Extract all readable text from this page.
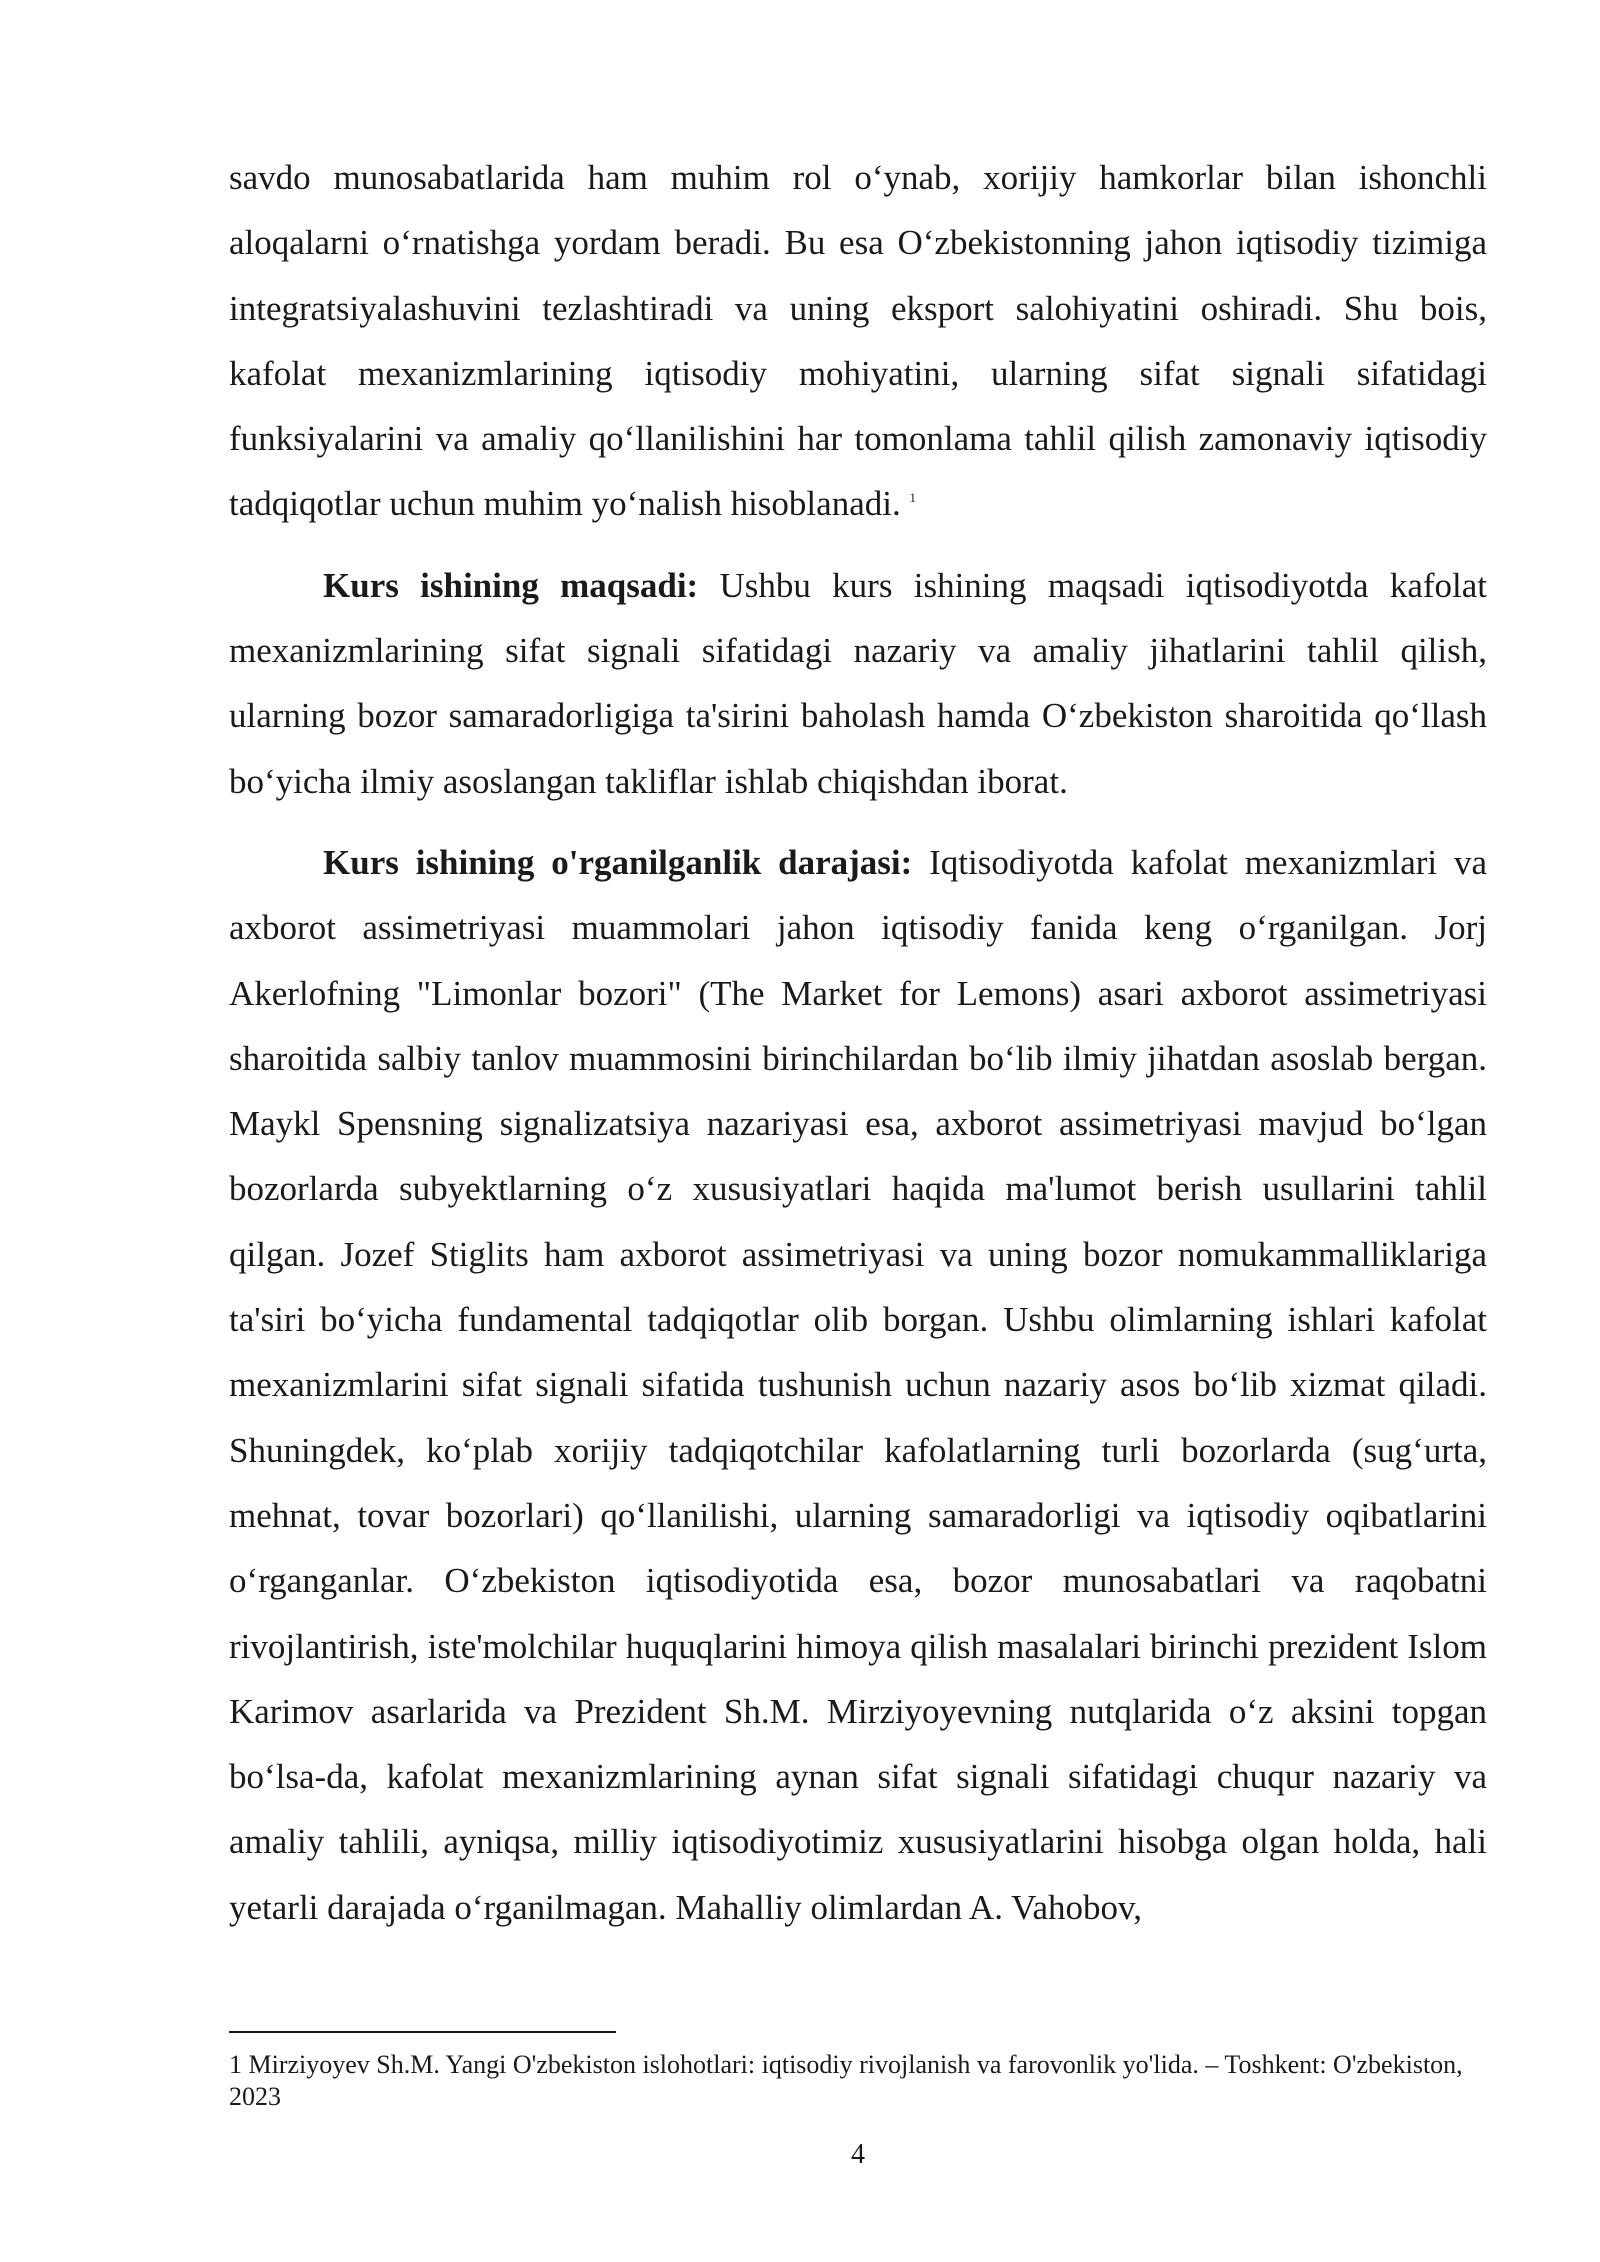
savdo munosabatlarida ham muhim rol o‘ynab, xorijiy hamkorlar bilan ishonchli aloqalarni o‘rnatishga yordam beradi. Bu esa O‘zbekistonning jahon iqtisodiy tizimiga integratsiyalashuvini tezlashtiradi va uning eksport salohiyatini oshiradi. Shu bois, kafolat mexanizmlarining iqtisodiy mohiyatini, ularning sifat signali sifatidagi funksiyalarini va amaliy qo‘llanilishini har tomonlama tahlil qilish zamonaviy iqtisodiy tadqiqotlar uchun muhim yo‘nalish hisoblanadi. $^1$

Kurs ishining maqsadi: Ushbu kurs ishining maqsadi iqtisodiyotda kafolat mexanizmlarining sifat signali sifatidagi nazariy va amaliy jihatlarini tahlil qilish, ularning bozor samaradorligiga ta'sirini baholash hamda O‘zbekiston sharoitida qo‘llash bo‘yicha ilmiy asoslangan takliflar ishlab chiqishdan iborat.

Kurs ishining o'rganilganlik darajasi: Iqtisodiyotda kafolat mexanizmlari va axborot assimetriyasi muammolari jahon iqtisodiy fanida keng o‘rganilgan. Jorj Akerlofning "Limonlar bozori" (The Market for Lemons) asari axborot assimetriyasi sharoitida salbiy tanlov muammosini birinchilardan bo‘lib ilmiy jihatdan asoslab bergan. Maykl Spensning signalizatsiya nazariyasi esa, axborot assimetriyasi mavjud bo‘lgan bozorlarda subyektlarning o‘z xususiyatlari haqida ma'lumot berish usullarini tahlil qilgan. Jozef Stiglits ham axborot assimetriyasi va uning bozor nomukammalliklariga ta'siri bo‘yicha fundamental tadqiqotlar olib borgan. Ushbu olimlarning ishlari kafolat mexanizmlarini sifat signali sifatida tushunish uchun nazariy asos bo‘lib xizmat qiladi. Shuningdek, ko‘plab xorijiy tadqiqotchilar kafolatlarning turli bozorlarda (sug‘urta, mehnat, tovar bozorlari) qo‘llanilishi, ularning samaradorligi va iqtisodiy oqibatlarini o‘rganganlar. O‘zbekiston iqtisodiyotida esa, bozor munosabatlari va raqobatni rivojlantirish, iste'molchilar huquqlarini himoya qilish masalalari birinchi prezident Islom Karimov asarlarida va Prezident Sh.M. Mirziyoyevning nutqlarida o‘z aksini topgan bo‘lsa-da, kafolat mexanizmlarining aynan sifat signali sifatidagi chuqur nazariy va amaliy tahlili, ayniqsa, milliy iqtisodiyotimiz xususiyatlarini hisobga olgan holda, hali yetarli darajada o‘rganilmagan. Mahalliy olimlardan A. Vahobov,

1 Mirziyoyev Sh.M. Yangi O'zbekiston islohotlari: iqtisodiy rivojlanish va farovonlik yo'lida. – Toshkent: O'zbekiston, 2023
4
